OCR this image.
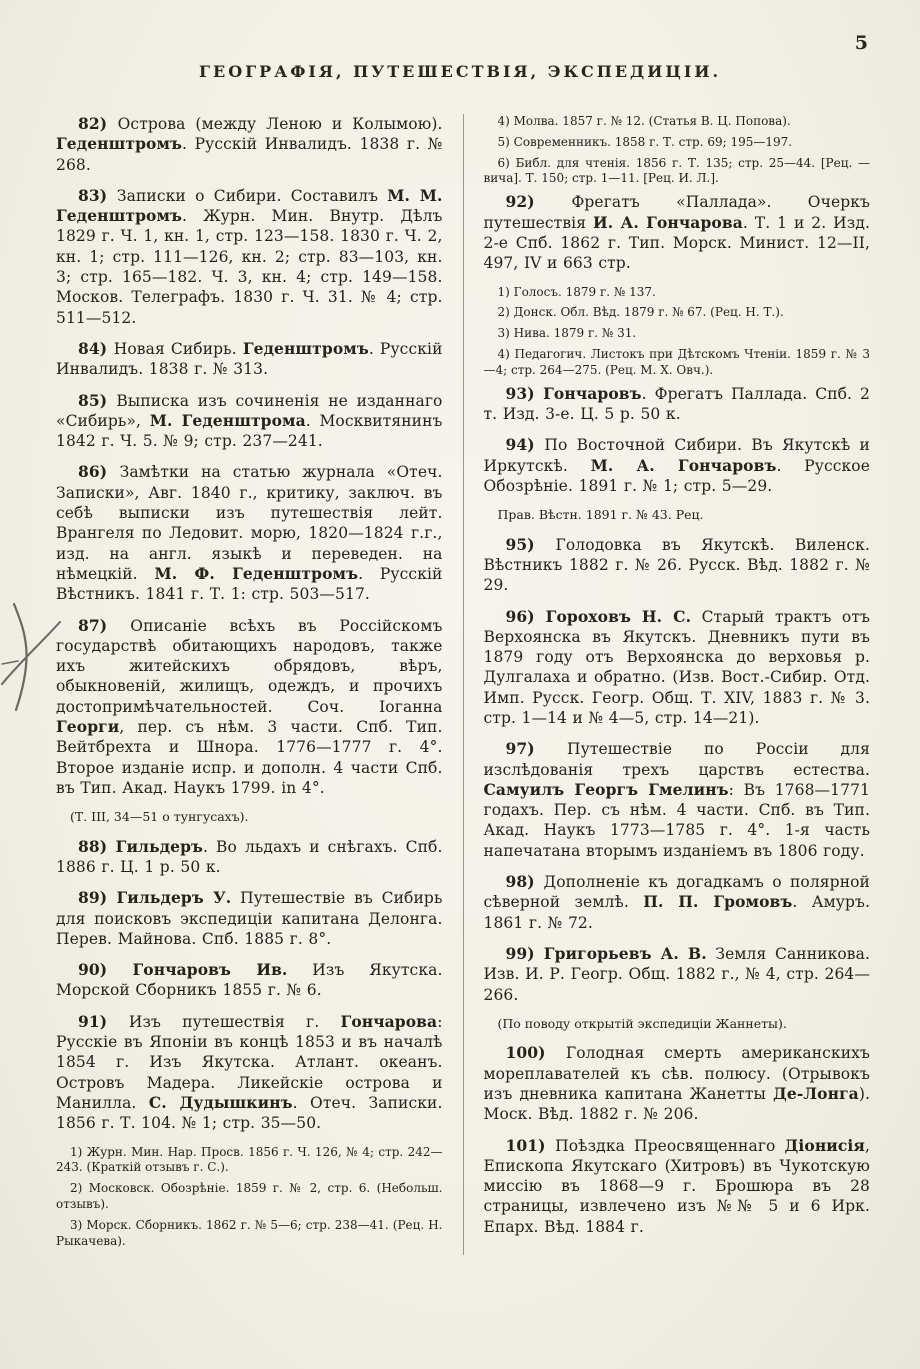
5
ГЕОГРАФІЯ, ПУТЕШЕСТВІЯ, ЭКСПЕДИЦІИ.

82) Острова (между Леною и Колымою). Геденштромъ. Русскій Инвалидъ. 1838 г. № 268.

83) Записки о Сибири. Составилъ М. М. Геденштромъ. Журн. Мин. Внутр. Дѣлъ 1829 г. Ч. 1, кн. 1, стр. 123—158. 1830 г. Ч. 2, кн. 1; стр. 111—126, кн. 2; стр. 83—103, кн. 3; стр. 165—182. Ч. 3, кн. 4; стр. 149—158. Москов. Телеграфъ. 1830 г. Ч. 31. № 4; стр. 511—512.

84) Новая Сибирь. Геденштромъ. Русскій Инвалидъ. 1838 г. № 313.

85) Выписка изъ сочиненія не изданнаго «Сибирь», М. Геденштрома. Москвитянинъ 1842 г. Ч. 5. № 9; стр. 237—241.

86) Замѣтки на статью журнала «Отеч. Записки», Авг. 1840 г., критику, заключ. въ себѣ выписки изъ путешествія лейт. Врангеля по Ледовит. морю, 1820—1824 г.г., изд. на англ. языкѣ и переведен. на нѣмецкій. М. Ф. Геденштромъ. Русскій Вѣстникъ. 1841 г. Т. 1: стр. 503—517.

87) Описаніе всѣхъ въ Россійскомъ государствѣ обитающихъ народовъ, также ихъ житейскихъ обрядовъ, вѣръ, обыкновеній, жилищъ, одеждъ, и прочихъ достопримѣчательностей. Соч. Іоганна Георги, пер. съ нѣм. 3 части. Спб. Тип. Вейтбрехта и Шнора. 1776—1777 г. 4°. Второе изданіе испр. и дополн. 4 части Спб. въ Тип. Акад. Наукъ 1799. in 4°.

(Т. III, 34—51 о тунгусахъ).

88) Гильдеръ. Во льдахъ и снѣгахъ. Спб. 1886 г. Ц. 1 р. 50 к.

89) Гильдеръ У. Путешествіе въ Сибирь для поисковъ экспедиціи капитана Делонга. Перев. Майнова. Спб. 1885 г. 8°.

90) Гончаровъ Ив. Изъ Якутска. Морской Сборникъ 1855 г. № 6.

91) Изъ путешествія г. Гончарова: Русскіе въ Японіи въ концѣ 1853 и въ началѣ 1854 г. Изъ Якутска. Атлант. океанъ. Островъ Мадера. Ликейскіе острова и Манилла. С. Дудышкинъ. Отеч. Записки. 1856 г. Т. 104. № 1; стр. 35—50.

1) Журн. Мин. Нар. Просв. 1856 г. Ч. 126, № 4; стр. 242—243. (Краткій отзывъ г. С.).

2) Московск. Обозрѣніе. 1859 г. № 2, стр. 6. (Небольш. отзывъ).

3) Морск. Сборникъ. 1862 г. № 5—6; стр. 238—41. (Рец. Н. Рыкачева).

4) Молва. 1857 г. № 12. (Статья В. Ц. Попова).

5) Современникъ. 1858 г. Т. стр. 69; 195—197.

6) Библ. для чтенія. 1856 г. Т. 135; стр. 25—44. [Рец. —вича]. Т. 150; стр. 1—11. [Рец. И. Л.].

92) Фрегатъ «Паллада». Очеркъ путешествія И. А. Гончарова. Т. 1 и 2. Изд. 2-е Спб. 1862 г. Тип. Морск. Минист. 12—II, 497, IV и 663 стр.

1) Голосъ. 1879 г. № 137.

2) Донск. Обл. Вѣд. 1879 г. № 67. (Рец. Н. Т.).

3) Нива. 1879 г. № 31.

4) Педагогич. Листокъ при Дѣтскомъ Чтеніи. 1859 г. № 3—4; стр. 264—275. (Рец. М. Х. Овч.).

93) Гончаровъ. Фрегатъ Паллада. Спб. 2 т. Изд. 3-е. Ц. 5 р. 50 к.

94) По Восточной Сибири. Въ Якутскѣ и Иркутскѣ. М. А. Гончаровъ. Русское Обозрѣніе. 1891 г. № 1; стр. 5—29.

Прав. Вѣстн. 1891 г. № 43. Рец.

95) Голодовка въ Якутскѣ. Виленск. Вѣстникъ 1882 г. № 26. Русск. Вѣд. 1882 г. № 29.

96) Гороховъ Н. С. Старый трактъ отъ Верхоянска въ Якутскъ. Дневникъ пути въ 1879 году отъ Верхоянска до верховья р. Дулгалаха и обратно. (Изв. Вост.-Сибир. Отд. Имп. Русск. Геогр. Общ. Т. XIV, 1883 г. № 3. стр. 1—14 и № 4—5, стр. 14—21).

97) Путешествіе по Россіи для изслѣдованія трехъ царствъ естества. Самуилъ Георгъ Гмелинъ: Въ 1768—1771 годахъ. Пер. съ нѣм. 4 части. Спб. въ Тип. Акад. Наукъ 1773—1785 г. 4°. 1-я часть напечатана вторымъ изданіемъ въ 1806 году.

98) Дополненіе къ догадкамъ о полярной сѣверной землѣ. П. П. Громовъ. Амуръ. 1861 г. № 72.

99) Григорьевъ А. В. Земля Санникова. Изв. И. Р. Геогр. Общ. 1882 г., № 4, стр. 264—266.

(По поводу открытій экспедиціи Жаннеты).

100) Голодная смерть американскихъ мореплавателей къ сѣв. полюсу. (Отрывокъ изъ дневника капитана Жанетты Де-Лонга). Моск. Вѣд. 1882 г. № 206.

101) Поѣздка Преосвященнаго Діонисія, Епископа Якутскаго (Хитровъ) въ Чукотскую миссію въ 1868—9 г. Брошюра въ 28 страницы, извлечено изъ №№ 5 и 6 Ирк. Епарх. Вѣд. 1884 г.
